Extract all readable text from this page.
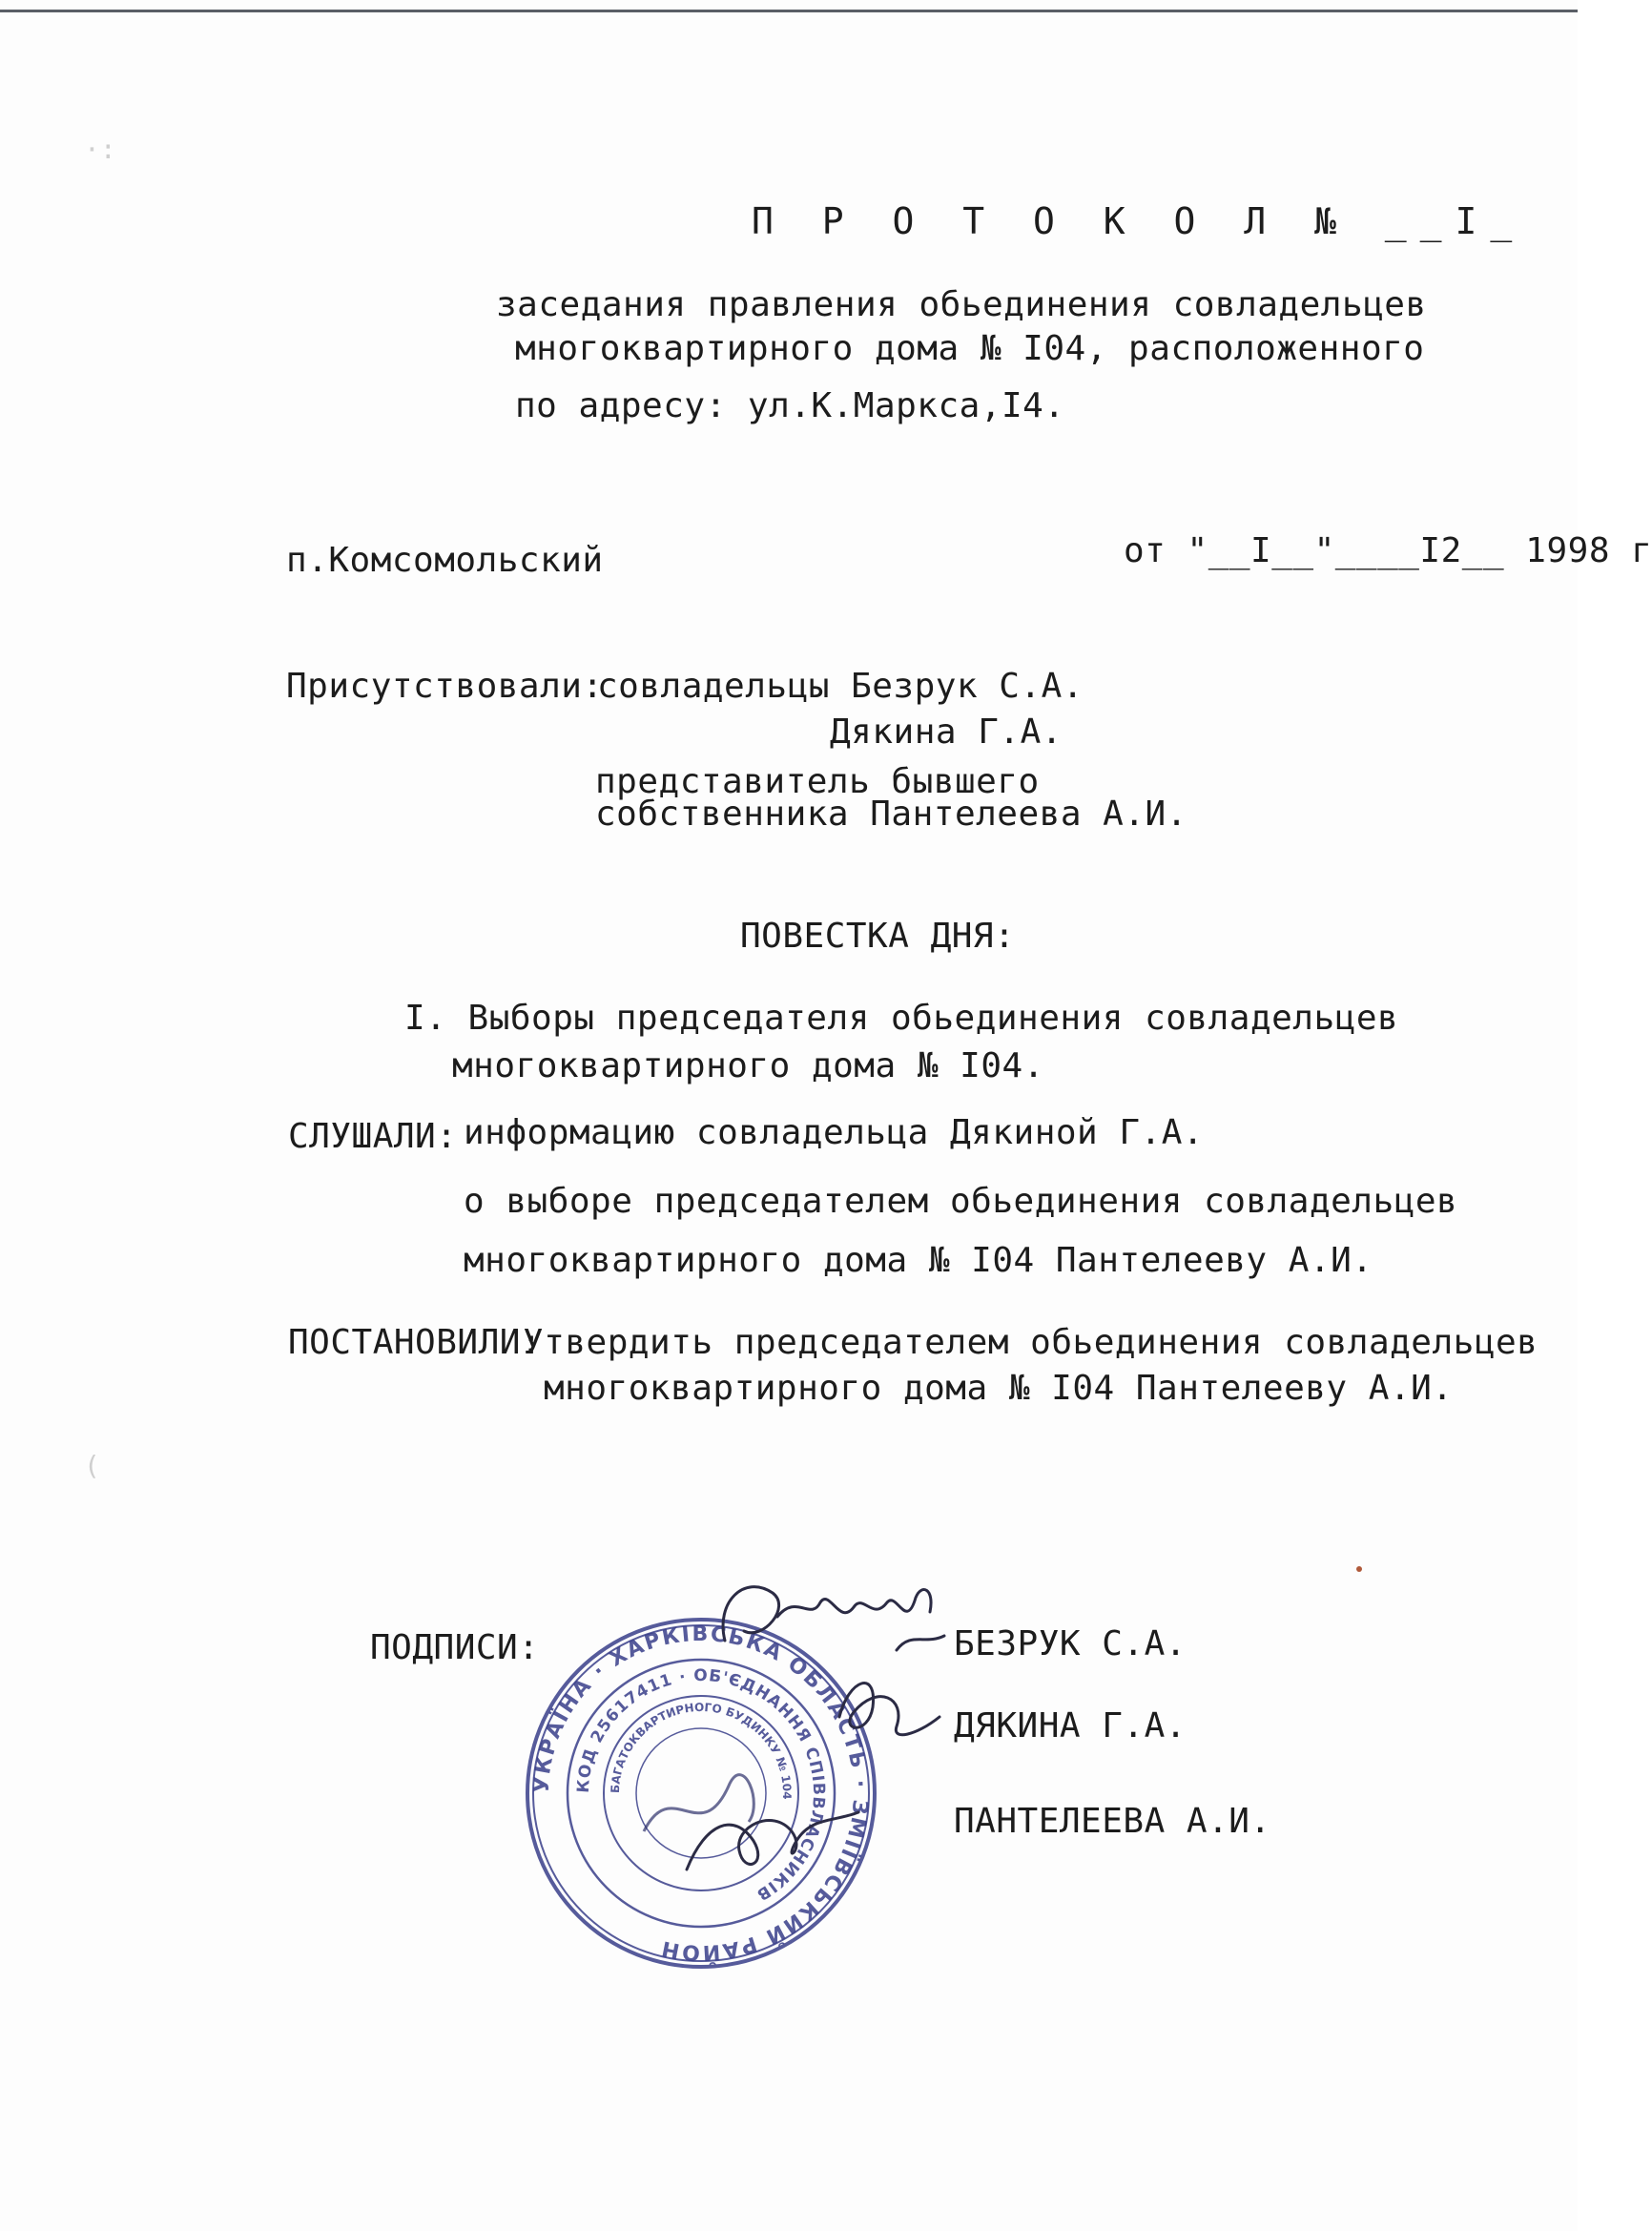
·:
(
П Р О Т О К О Л № __I_
заседания правления обьединения совладельцев
многоквартирного дома № I04, расположенного
по адресу: ул.К.Маркса,I4.
п.Комсомольский	от "__I__"____I2__ 1998 г
Присутствовали:
совладельцы Безрук С.А.
Дякина Г.А.
представитель бывшего
собственника Пантелеева А.И.
ПОВЕСТКА ДНЯ:
I. Выборы председателя обьединения совладельцев
многоквартирного дома № I04.
СЛУШАЛИ: информацию совладельца Дякиной Г.А.
о выборе председателем обьединения совладельцев
многоквартирного дома № I04 Пантелееву А.И.
ПОСТАНОВИЛИ:
Утвердить председателем обьединения совладельцев
многоквартирного дома № I04 Пантелееву А.И.
ПОДПИСИ:	БЕЗРУК С.А.
ДЯКИНА Г.А.
ПАНТЕЛЕЕВА А.И.
УКРАЇНА · ХАРКІВСЬКА ОБЛАСТЬ · ЗМІЇВСЬКИЙ РАЙОН
КОД 25617411 · ОБ'ЄДНАННЯ СПІВВЛАСНИКІВ
БАГАТОКВАРТИРНОГО БУДИНКУ № 104
